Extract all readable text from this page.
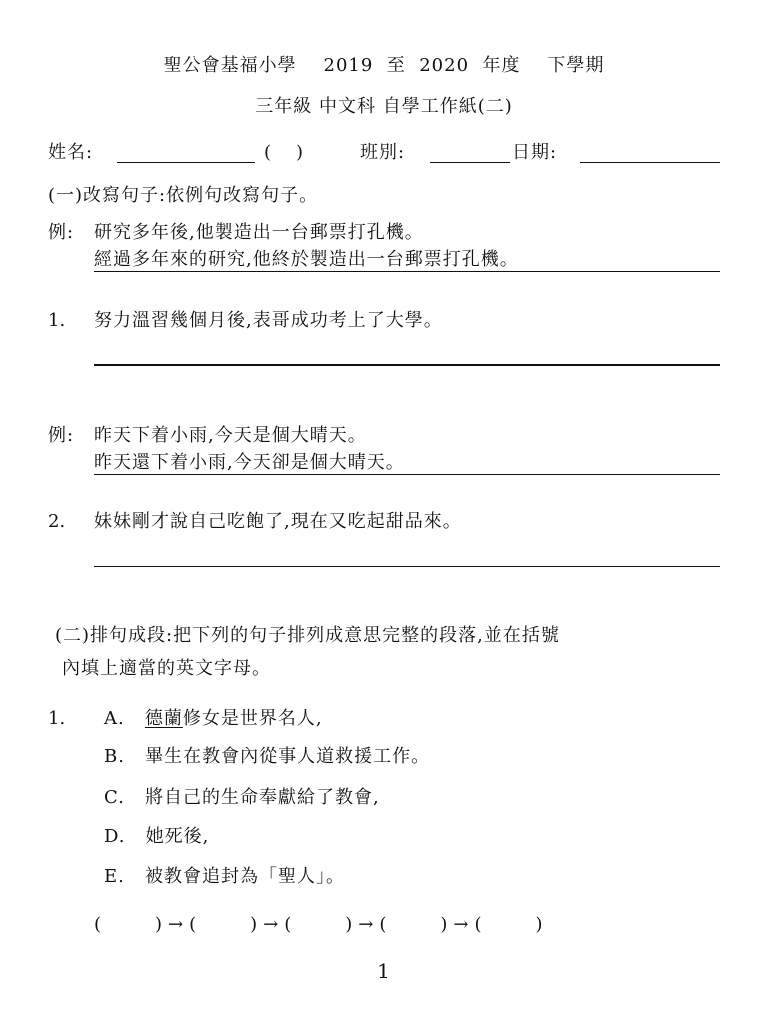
聖公會基福小學 2019 至 2020 年度 下學期
三年級 中文科 自學工作紙(二)
姓名:	( )	班別:	日期:
(一)改寫句子:依例句改寫句子。
例: 研究多年後,他製造出一台郵票打孔機。
經過多年來的研究,他終於製造出一台郵票打孔機。
1. 努力溫習幾個月後,表哥成功考上了大學。
例: 昨天下着小雨,今天是個大晴天。
昨天還下着小雨,今天卻是個大晴天。
2. 妹妹剛才說自己吃飽了,現在又吃起甜品來。
(二)排句成段:把下列的句子排列成意思完整的段落,並在括號
內填上適當的英文字母。
1. A. 德蘭修女是世界名人,
B. 畢生在教會內從事人道救援工作。
C. 將自己的生命奉獻給了教會,
D. 她死後,
E. 被教會追封為「聖人」。
(　　)→(　　)→(　　)→(　　)→(　　)
1
